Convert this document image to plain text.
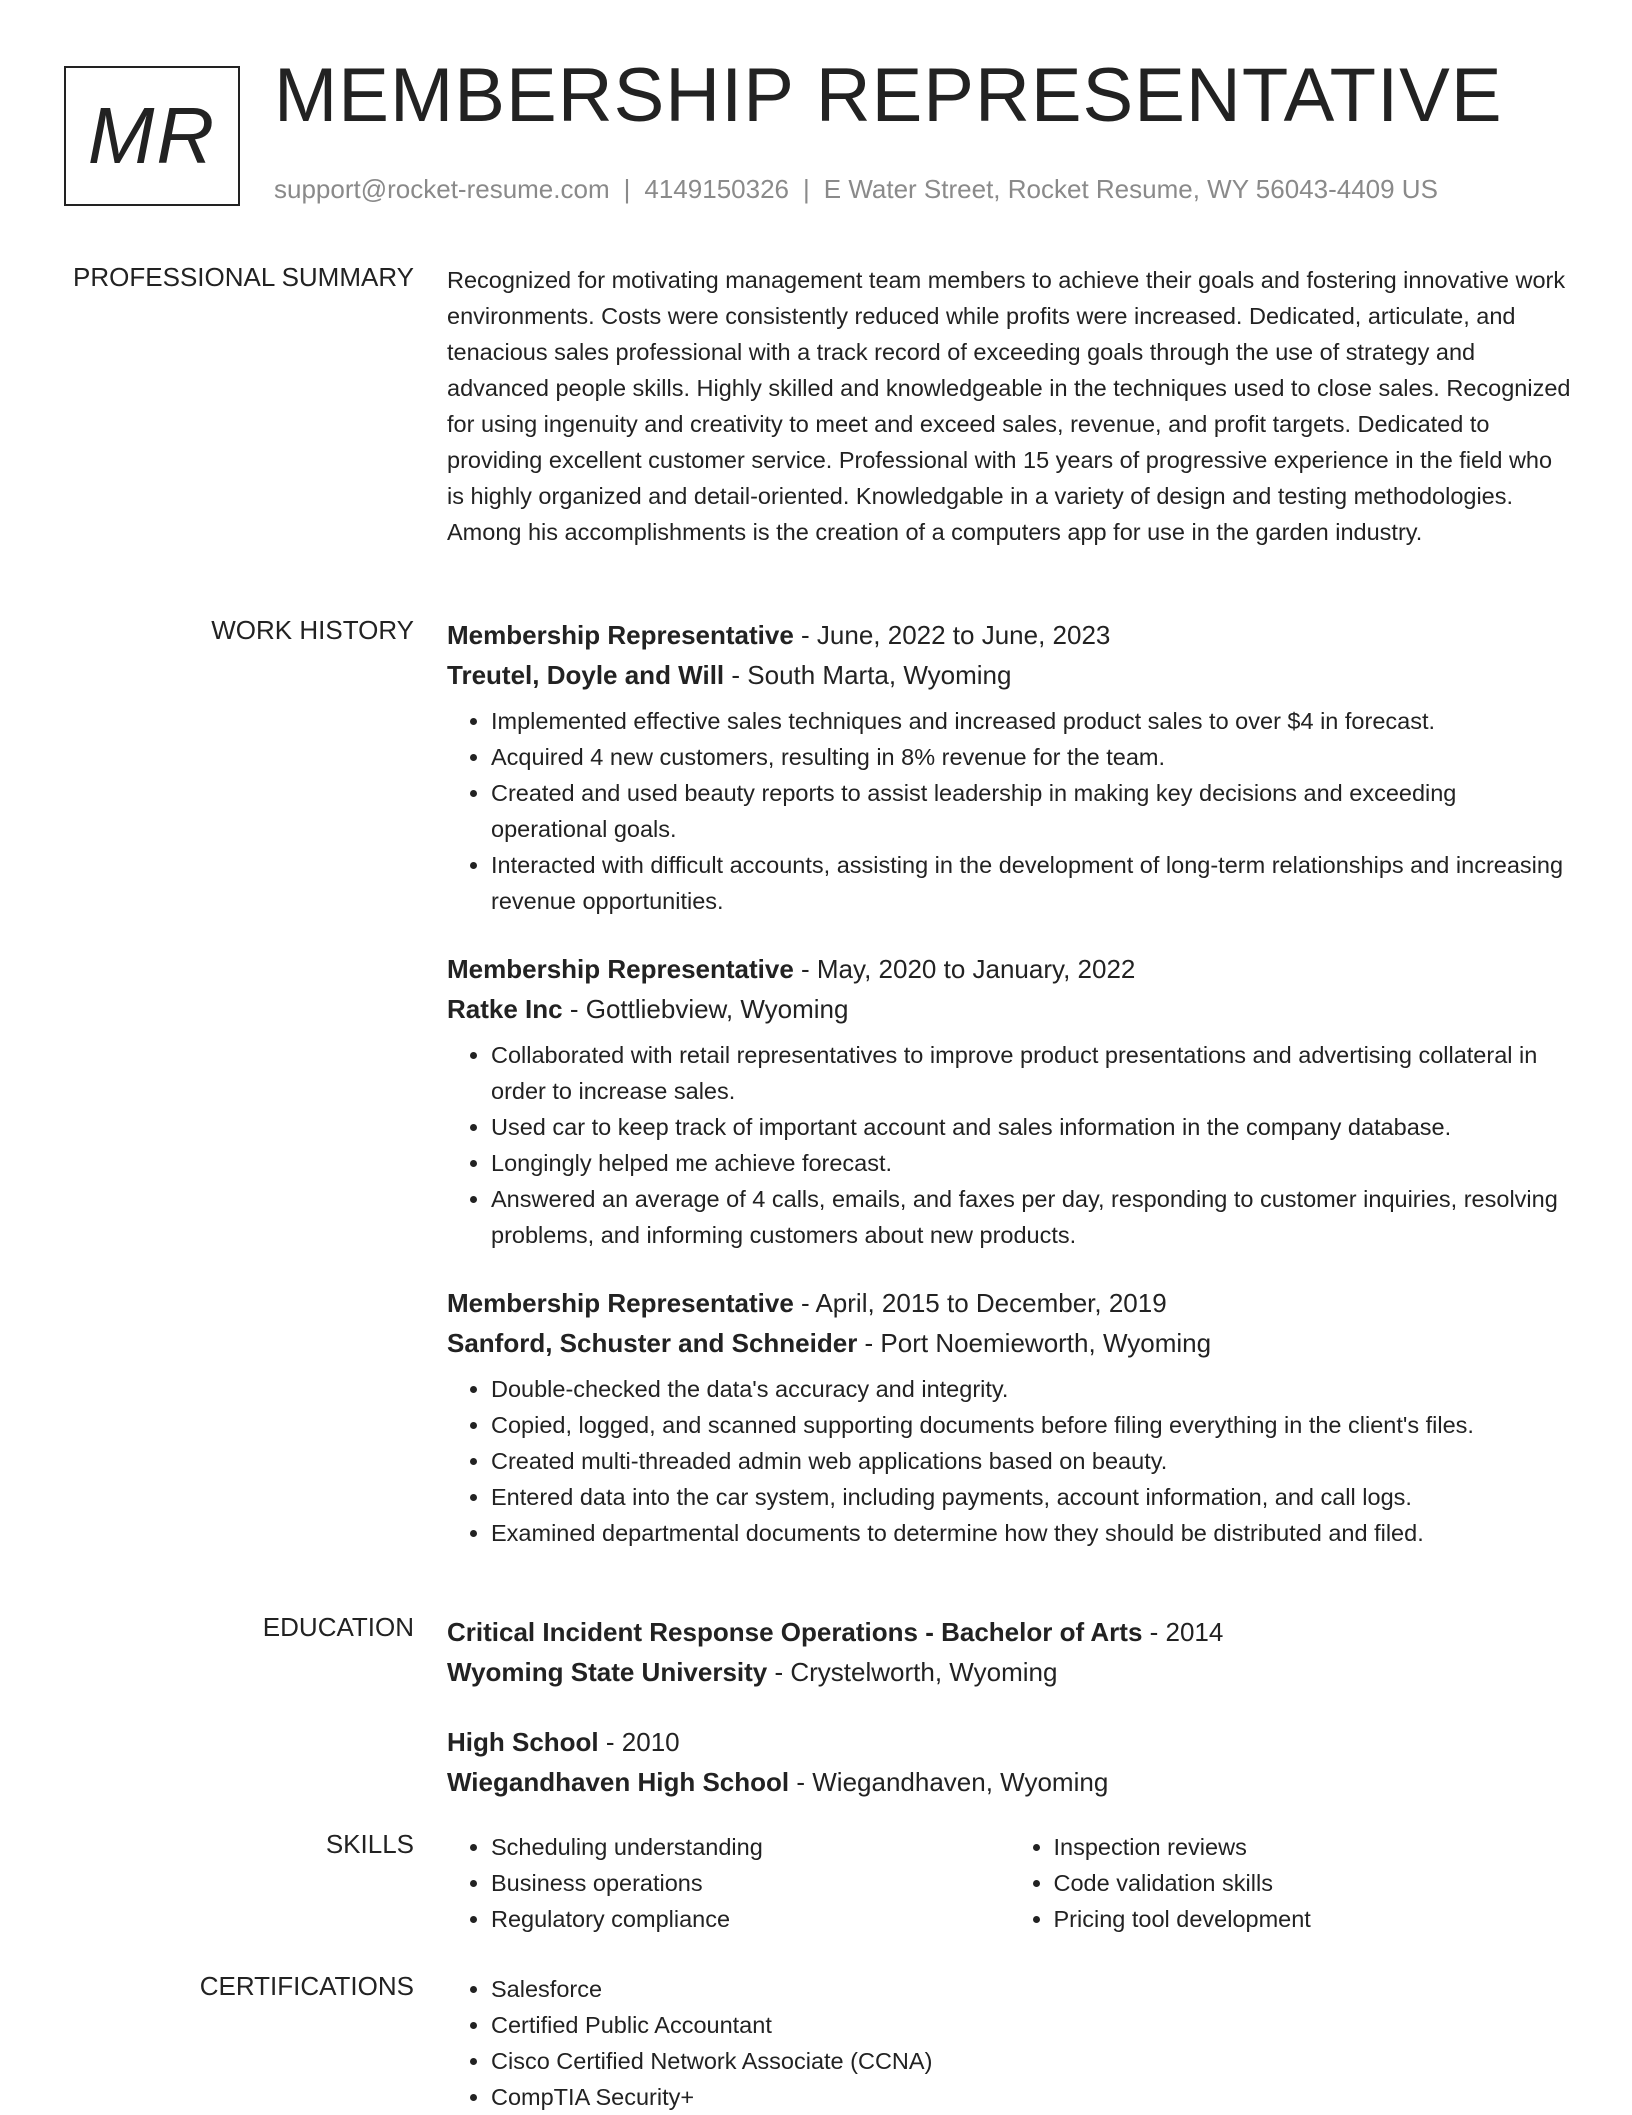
MR MEMBERSHIP REPRESENTATIVE
support@rocket-resume.com | 4149150326 | E Water Street, Rocket Resume, WY 56043-4409 US
PROFESSIONAL SUMMARY Recognized for motivating management team members to achieve their goals and fostering innovative work environments. Costs were consistently reduced while profits were increased. Dedicated, articulate, and tenacious sales professional with a track record of exceeding goals through the use of strategy and advanced people skills. Highly skilled and knowledgeable in the techniques used to close sales. Recognized for using ingenuity and creativity to meet and exceed sales, revenue, and profit targets. Dedicated to providing excellent customer service. Professional with 15 years of progressive experience in the field who is highly organized and detail-oriented. Knowledgable in a variety of design and testing methodologies. Among his accomplishments is the creation of a computers app for use in the garden industry.

WORK HISTORY Membership Representative - June, 2022 to June, 2023
Treutel, Doyle and Will - South Marta, Wyoming
• Implemented effective sales techniques and increased product sales to over $4 in forecast.
• Acquired 4 new customers, resulting in 8% revenue for the team.
• Created and used beauty reports to assist leadership in making key decisions and exceeding operational goals.
• Interacted with difficult accounts, assisting in the development of long-term relationships and increasing revenue opportunities.
Membership Representative - May, 2020 to January, 2022
Ratke Inc - Gottliebview, Wyoming
• Collaborated with retail representatives to improve product presentations and advertising collateral in order to increase sales.
• Used car to keep track of important account and sales information in the company database.
• Longingly helped me achieve forecast.
• Answered an average of 4 calls, emails, and faxes per day, responding to customer inquiries, resolving problems, and informing customers about new products.
Membership Representative - April, 2015 to December, 2019
Sanford, Schuster and Schneider - Port Noemieworth, Wyoming
• Double-checked the data's accuracy and integrity.
• Copied, logged, and scanned supporting documents before filing everything in the client's files.
• Created multi-threaded admin web applications based on beauty.
• Entered data into the car system, including payments, account information, and call logs.
• Examined departmental documents to determine how they should be distributed and filed.
EDUCATION Critical Incident Response Operations - Bachelor of Arts - 2014
Wyoming State University - Crystelworth, Wyoming
High School - 2010
Wiegandhaven High School - Wiegandhaven, Wyoming
SKILLS	• Scheduling understanding
• Business operations
• Regulatory compliance
• Inspection reviews
• Code validation skills
• Pricing tool development
CERTIFICATIONS	• Salesforce
• Certified Public Accountant
• Cisco Certified Network Associate (CCNA)
• CompTIA Security+
